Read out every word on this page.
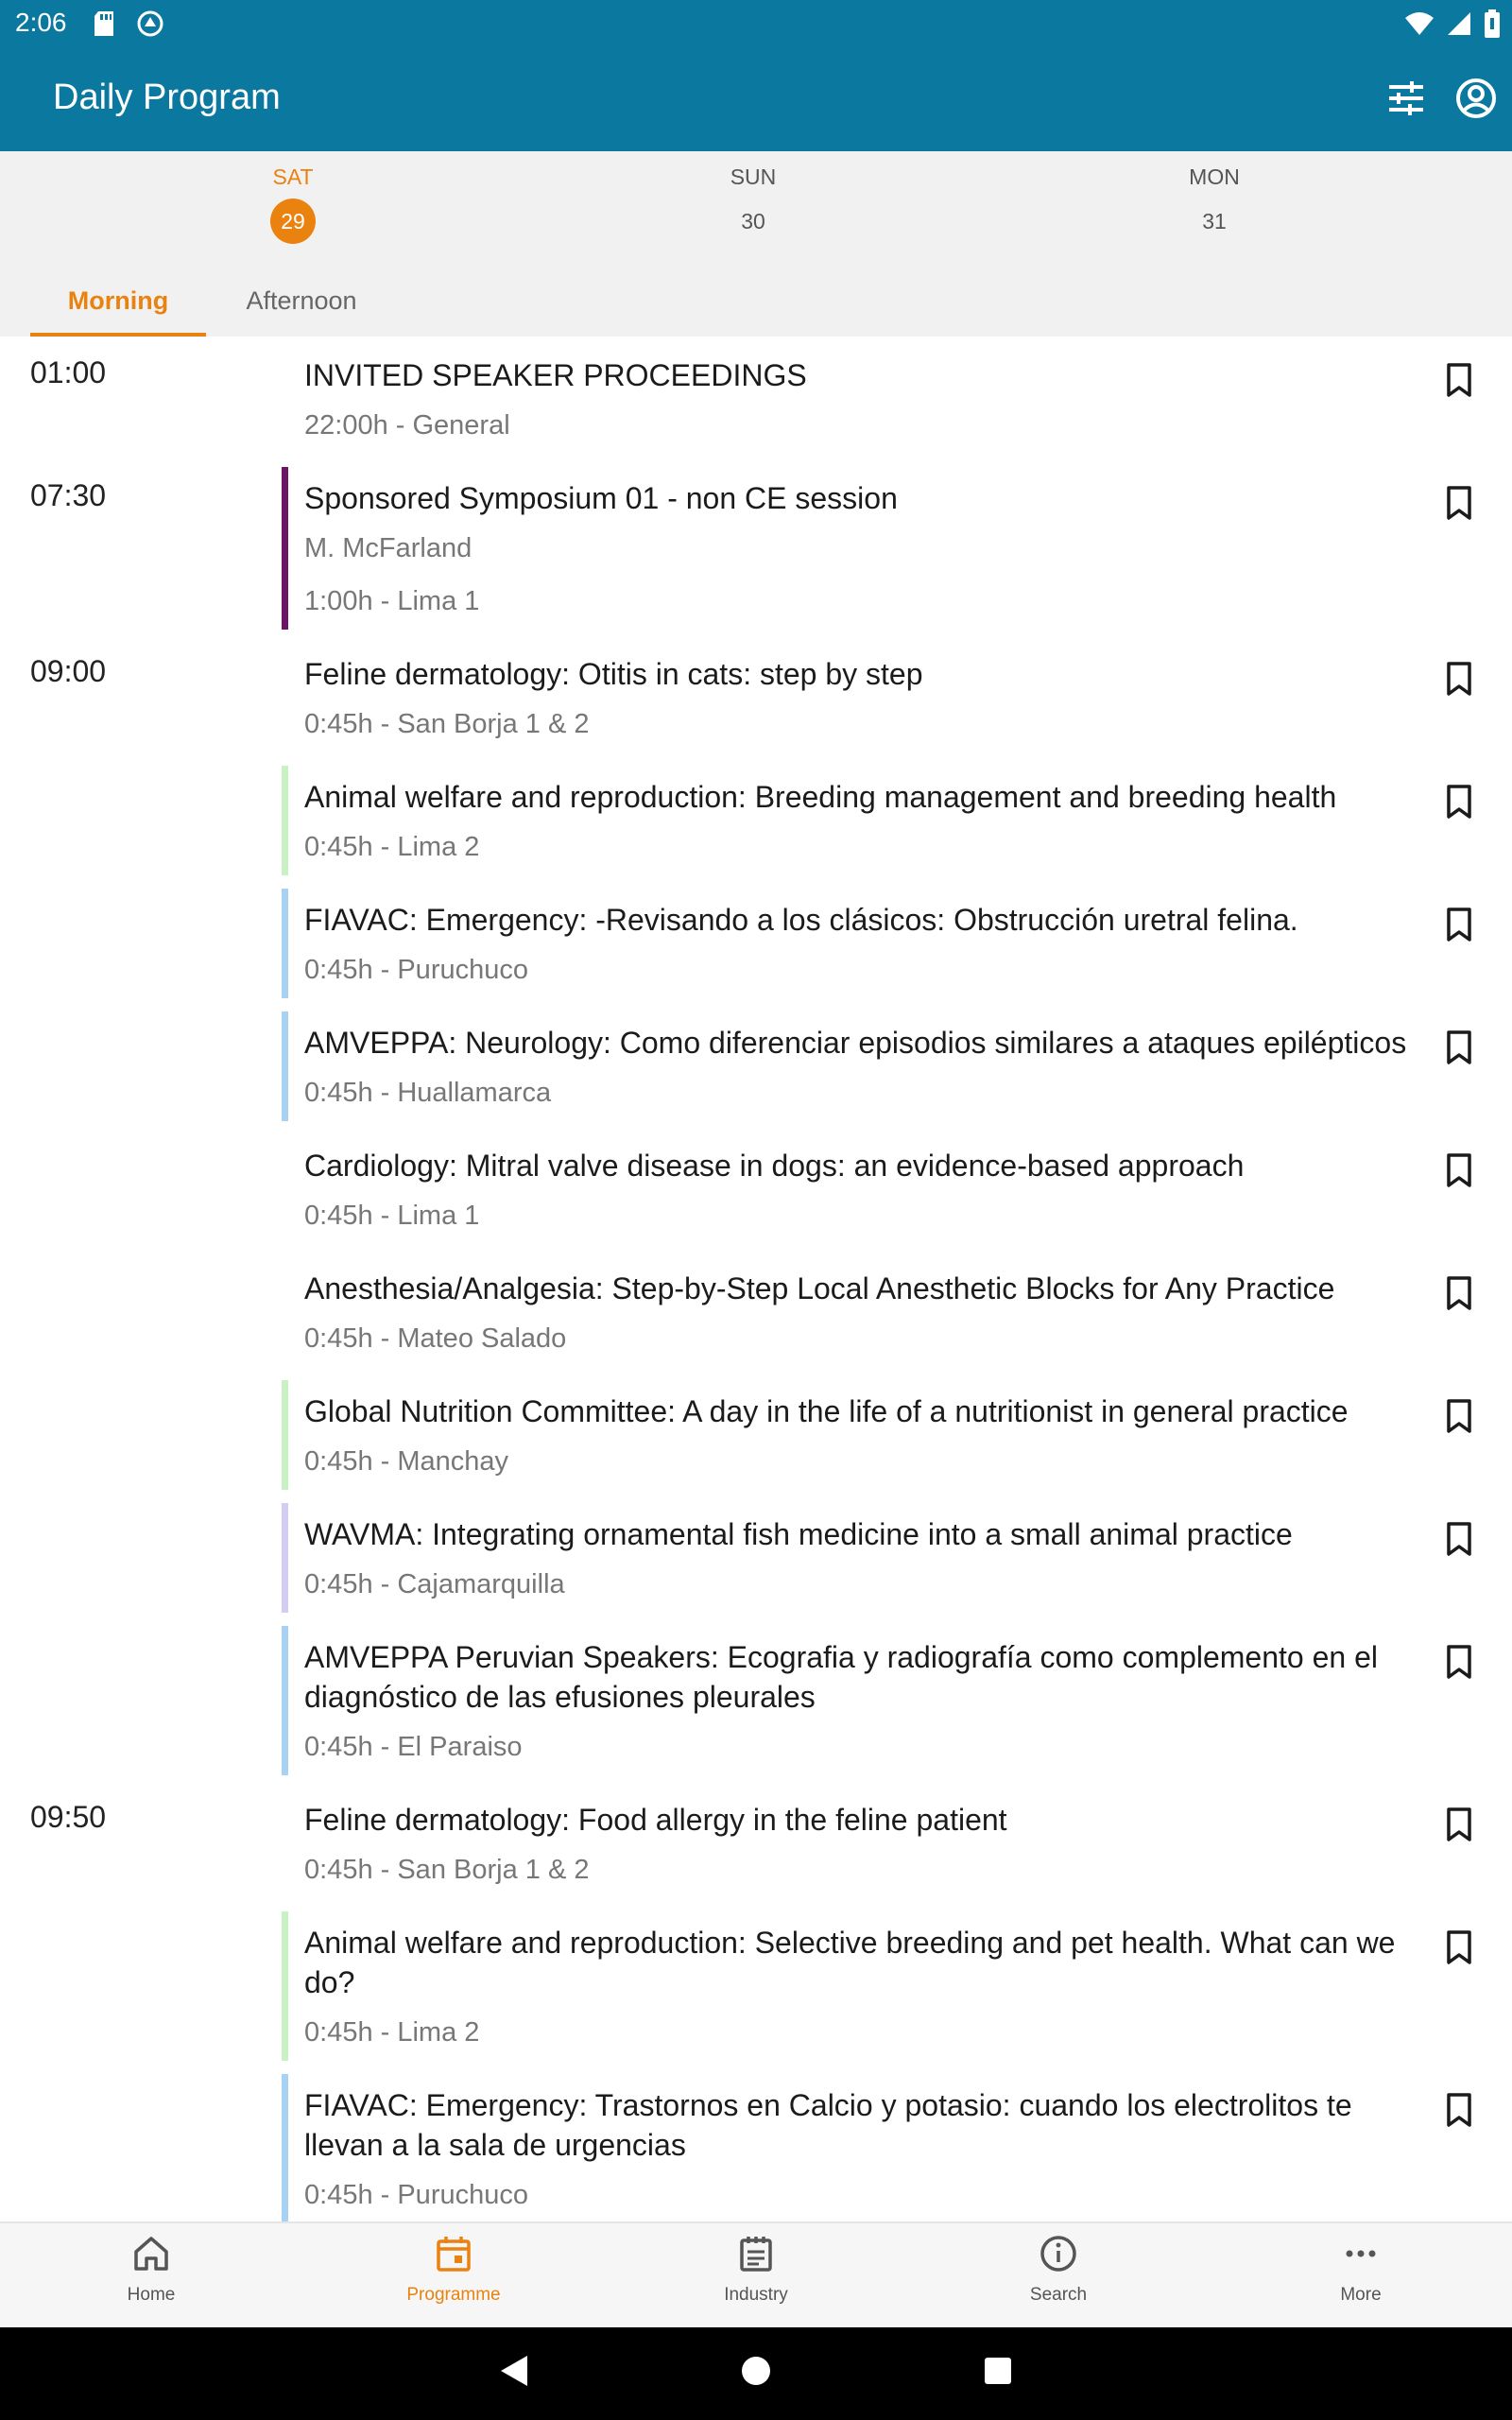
2:06
Daily Program
SAT
29
SUN
30
MON
31
Morning	Afternoon
01:00	INVITED SPEAKER PROCEEDINGS
22:00h - General
07:30	Sponsored Symposium 01 - non CE session
M. McFarland
1:00h - Lima 1
09:00	Feline dermatology: Otitis in cats: step by step
0:45h - San Borja 1 & 2
Animal welfare and reproduction: Breeding management and breeding health
0:45h - Lima 2
FIAVAC: Emergency: -Revisando a los clásicos: Obstrucción uretral felina.
0:45h - Puruchuco
AMVEPPA: Neurology: Como diferenciar episodios similares a ataques epilépticos
0:45h - Huallamarca
Cardiology: Mitral valve disease in dogs: an evidence-based approach
0:45h - Lima 1
Anesthesia/Analgesia: Step-by-Step Local Anesthetic Blocks for Any Practice
0:45h - Mateo Salado
Global Nutrition Committee: A day in the life of a nutritionist in general practice
0:45h - Manchay
WAVMA: Integrating ornamental fish medicine into a small animal practice
0:45h - Cajamarquilla
AMVEPPA Peruvian Speakers: Ecografia y radiografía como complemento en el diagnóstico de las efusiones pleurales
0:45h - El Paraiso
09:50	Feline dermatology: Food allergy in the feline patient
0:45h - San Borja 1 & 2
Animal welfare and reproduction: Selective breeding and pet health. What can we do?
0:45h - Lima 2
FIAVAC: Emergency: Trastornos en Calcio y potasio: cuando los electrolitos te llevan a la sala de urgencias
0:45h - Puruchuco
Home	Programme	Industry	Search	More
